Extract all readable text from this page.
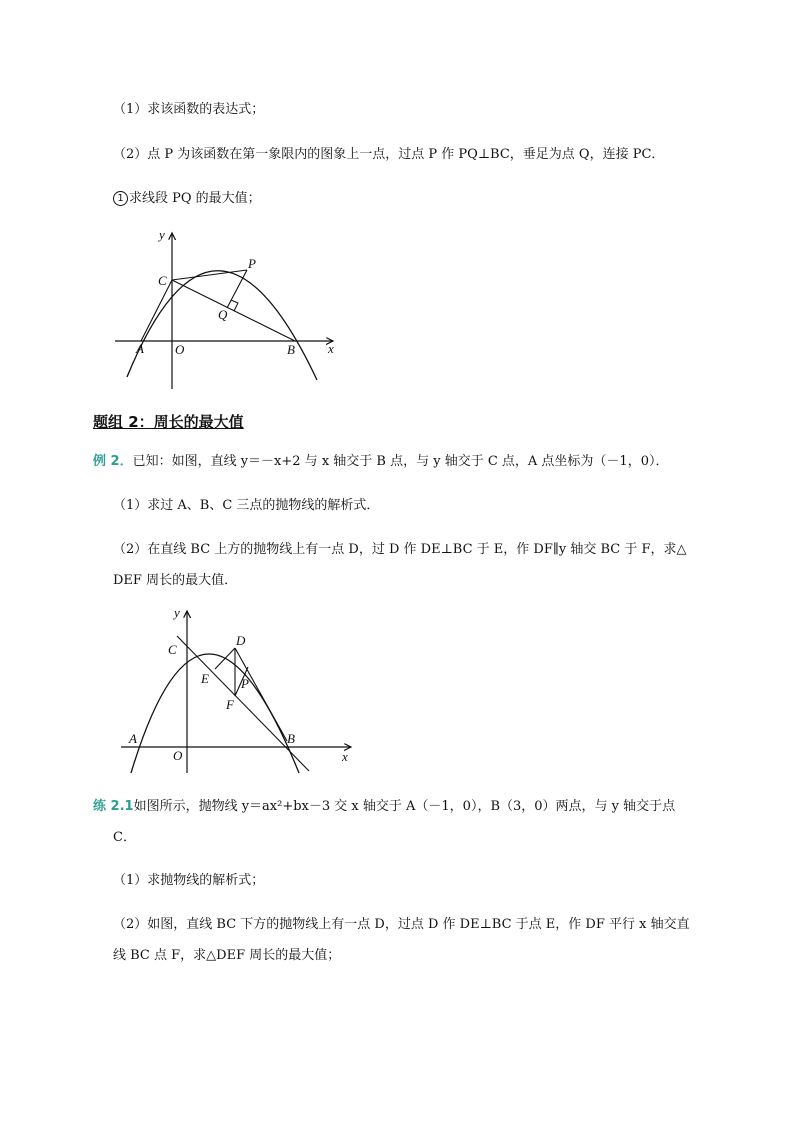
（1）求该函数的表达式；
（2）点 P 为该函数在第一象限内的图象上一点，过点 P 作 PQ⊥BC，垂足为点 Q，连接 PC．
1 求线段 PQ 的最大值；
y
x
C
P
Q
A O	B
题组 2：周长的最大值
例 2．已知：如图，直线 y＝－x+2 与 x 轴交于 B 点，与 y 轴交于 C 点，A 点坐标为（－1，0）．
（1）求过 A、B、C 三点的抛物线的解析式．
（2）在直线 BC 上方的抛物线上有一点 D，过 D 作 DE⊥BC 于 E，作 DF∥y 轴交 BC 于 F，求△
DEF 周长的最大值．
y
x
C
D
E P
F
A
O
B
练 2.1如图所示，抛物线 y＝ax²+bx－3 交 x 轴交于 A（－1，0），B（3，0）两点，与 y 轴交于点
C．
（1）求抛物线的解析式；
（2）如图，直线 BC 下方的抛物线上有一点 D，过点 D 作 DE⊥BC 于点 E，作 DF 平行 x 轴交直
线 BC 点 F，求△DEF 周长的最大值；
